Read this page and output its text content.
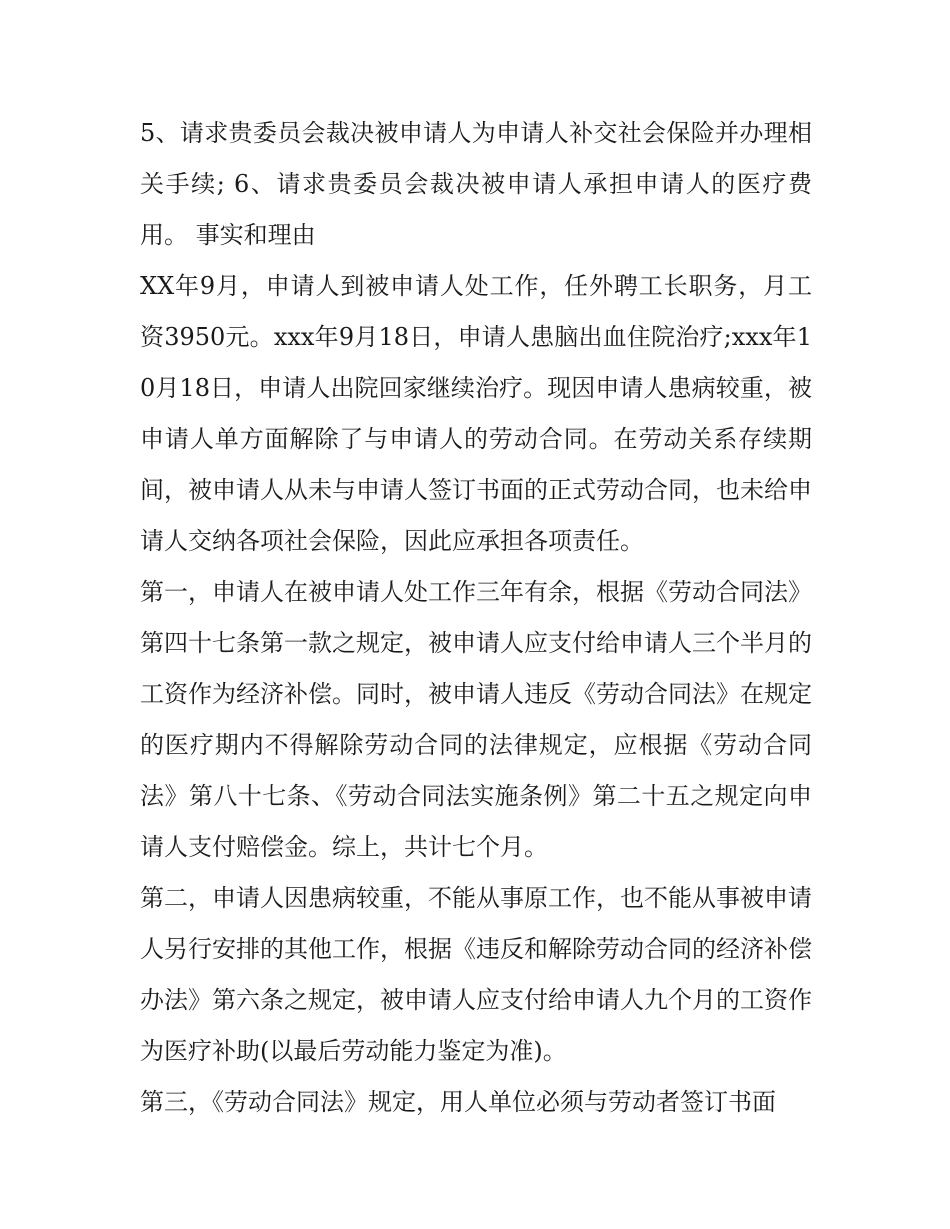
5、请求贵委员会裁决被申请人为申请人补交社会保险并办理相关手续; 6、请求贵委员会裁决被申请人承担申请人的医疗费用。 事实和理由

XX年9月，申请人到被申请人处工作，任外聘工长职务，月工资3950元。xxx年9月18日，申请人患脑出血住院治疗;xxx年10月18日，申请人出院回家继续治疗。现因申请人患病较重，被申请人单方面解除了与申请人的劳动合同。在劳动关系存续期间，被申请人从未与申请人签订书面的正式劳动合同，也未给申请人交纳各项社会保险，因此应承担各项责任。

第一，申请人在被申请人处工作三年有余，根据《劳动合同法》第四十七条第一款之规定，被申请人应支付给申请人三个半月的工资作为经济补偿。同时，被申请人违反《劳动合同法》在规定的医疗期内不得解除劳动合同的法律规定，应根据《劳动合同法》第八十七条、《劳动合同法实施条例》第二十五之规定向申请人支付赔偿金。综上，共计七个月。

第二，申请人因患病较重，不能从事原工作，也不能从事被申请人另行安排的其他工作，根据《违反和解除劳动合同的经济补偿办法》第六条之规定，被申请人应支付给申请人九个月的工资作为医疗补助(以最后劳动能力鉴定为准)。

第三，《劳动合同法》规定，用人单位必须与劳动者签订书面
